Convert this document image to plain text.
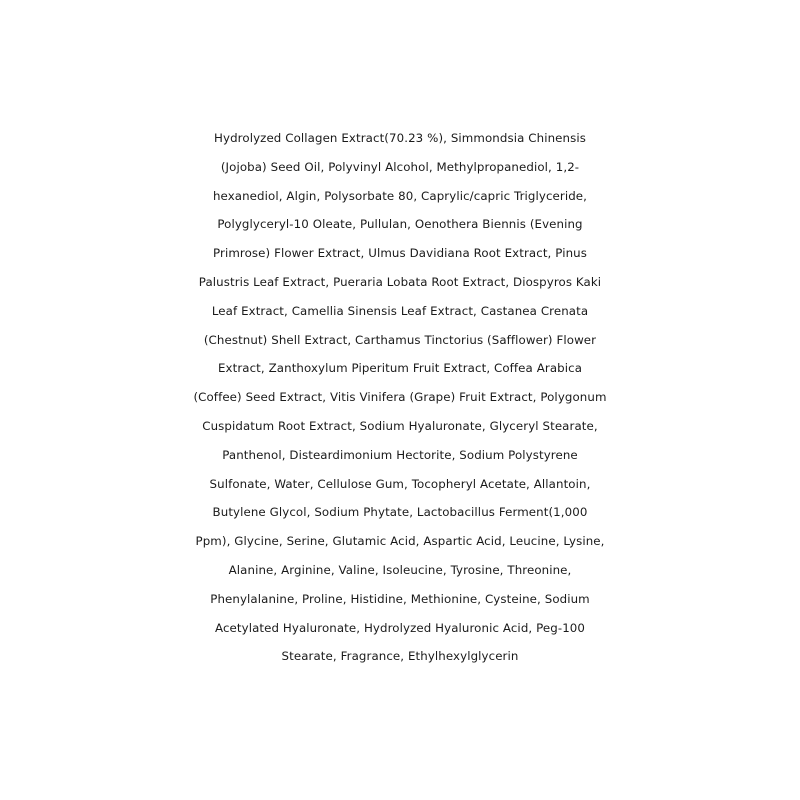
Hydrolyzed Collagen Extract(70.23 %), Simmondsia Chinensis
(Jojoba) Seed Oil, Polyvinyl Alcohol, Methylpropanediol, 1,2-
hexanediol, Algin, Polysorbate 80, Caprylic/capric Triglyceride,
Polyglyceryl-10 Oleate, Pullulan, Oenothera Biennis (Evening
Primrose) Flower Extract, Ulmus Davidiana Root Extract, Pinus
Palustris Leaf Extract, Pueraria Lobata Root Extract, Diospyros Kaki
Leaf Extract, Camellia Sinensis Leaf Extract, Castanea Crenata
(Chestnut) Shell Extract, Carthamus Tinctorius (Safflower) Flower
Extract, Zanthoxylum Piperitum Fruit Extract, Coffea Arabica
(Coffee) Seed Extract, Vitis Vinifera (Grape) Fruit Extract, Polygonum
Cuspidatum Root Extract, Sodium Hyaluronate, Glyceryl Stearate,
Panthenol, Disteardimonium Hectorite, Sodium Polystyrene
Sulfonate, Water, Cellulose Gum, Tocopheryl Acetate, Allantoin,
Butylene Glycol, Sodium Phytate, Lactobacillus Ferment(1,000
Ppm), Glycine, Serine, Glutamic Acid, Aspartic Acid, Leucine, Lysine,
Alanine, Arginine, Valine, Isoleucine, Tyrosine, Threonine,
Phenylalanine, Proline, Histidine, Methionine, Cysteine, Sodium
Acetylated Hyaluronate, Hydrolyzed Hyaluronic Acid, Peg-100
Stearate, Fragrance, Ethylhexylglycerin
